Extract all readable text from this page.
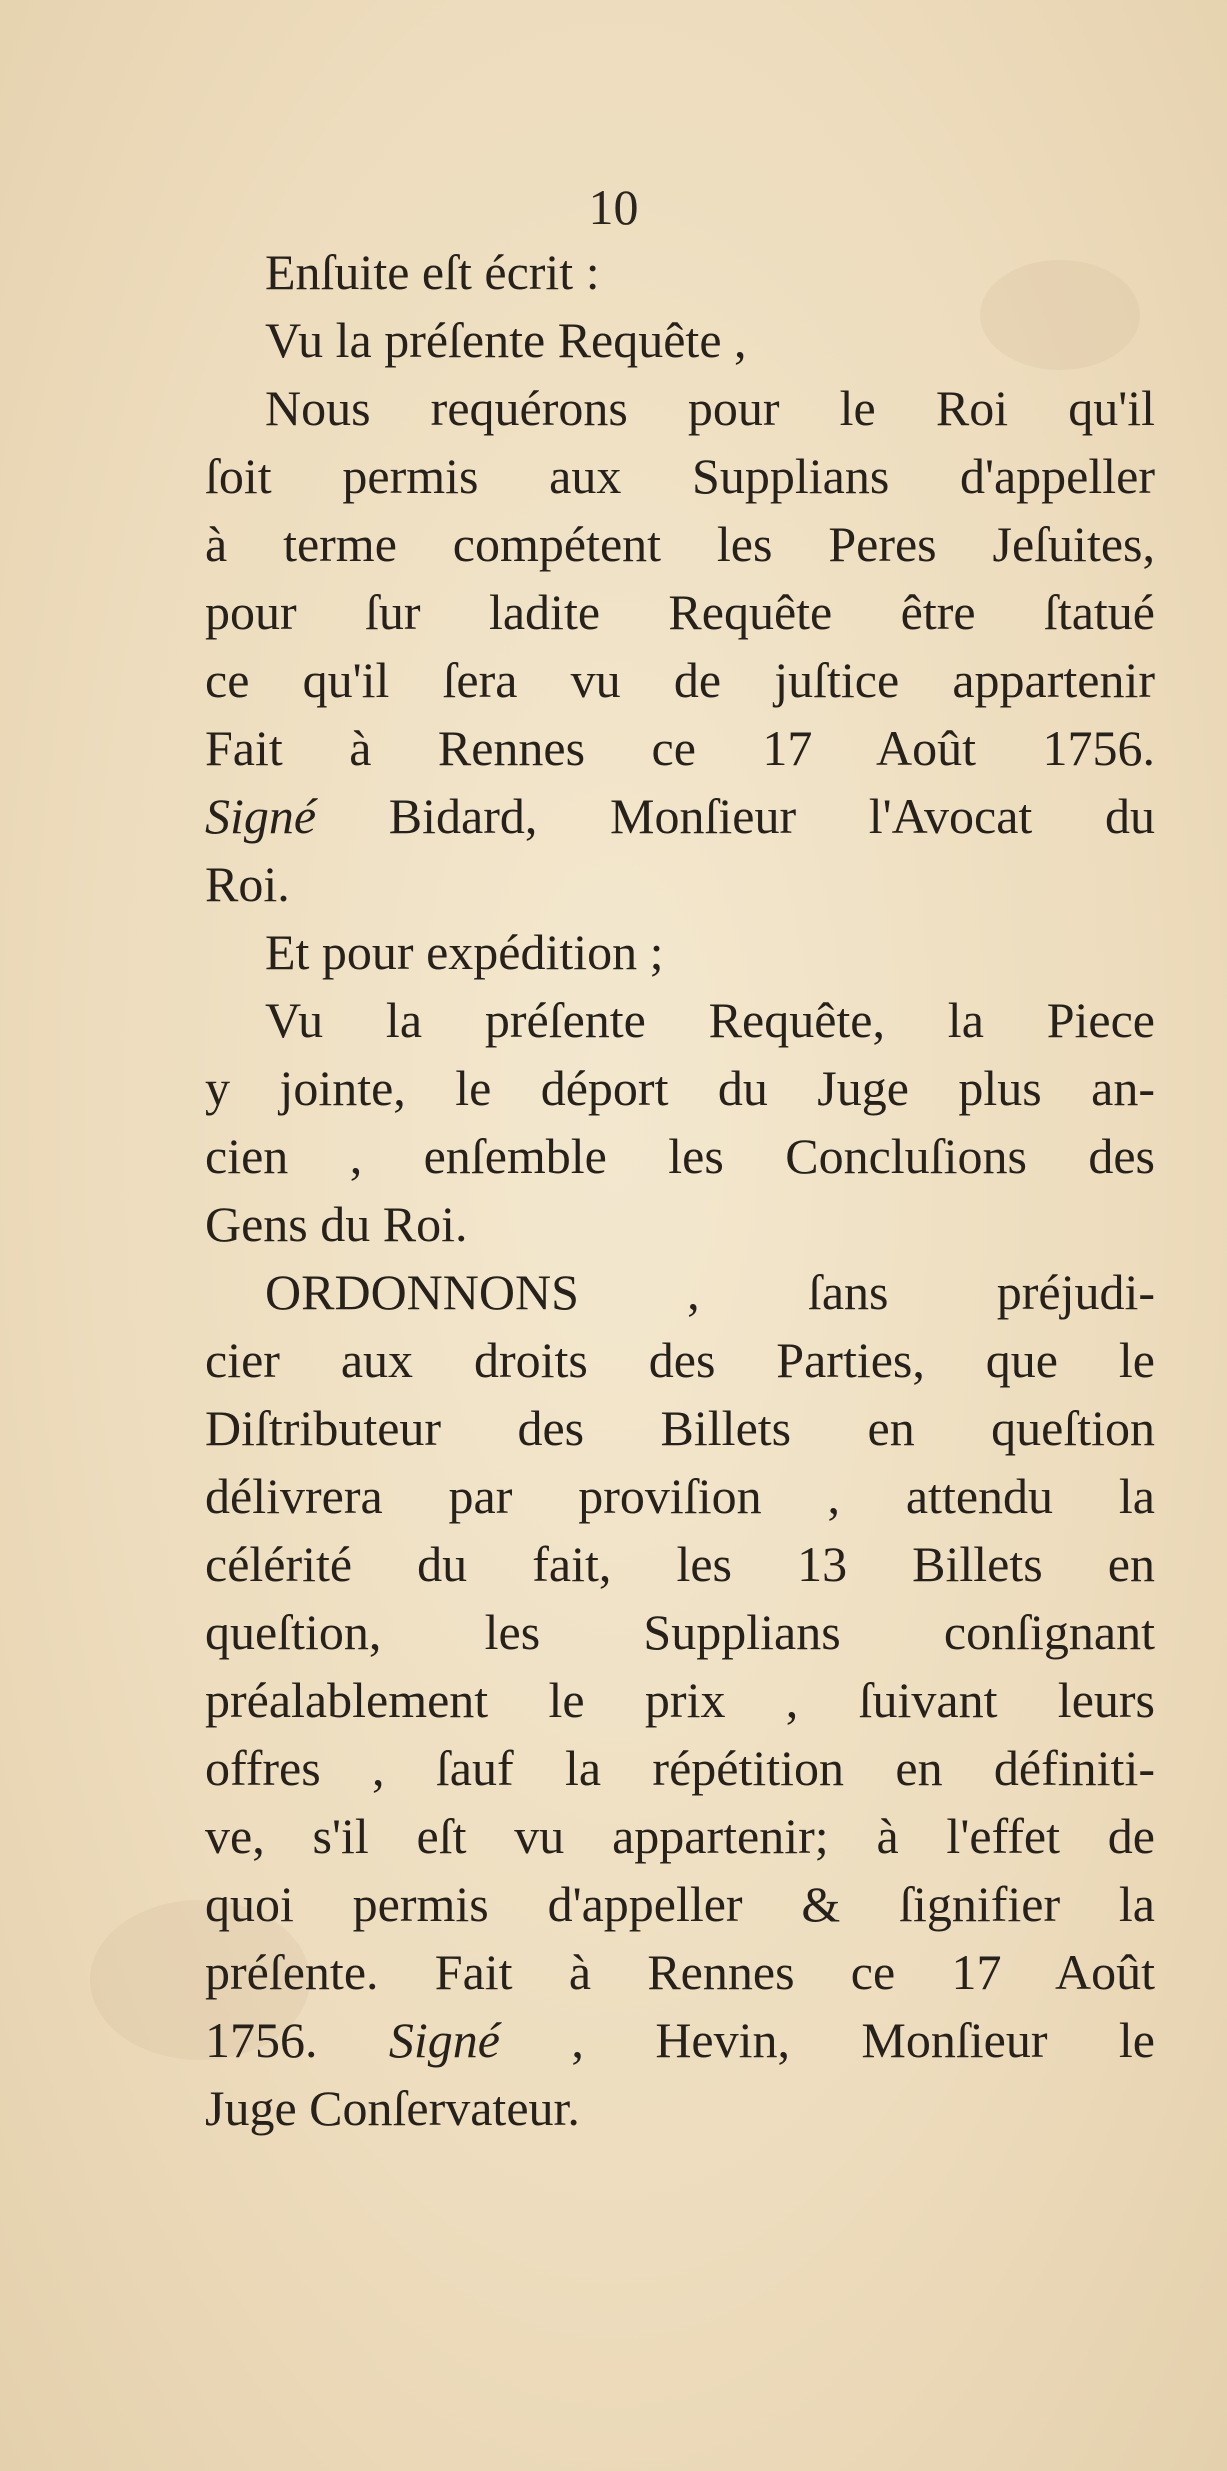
10
Enſuite eſt écrit :
Vu la préſente Requête ,
Nous requérons pour le Roi qu'il
ſoit permis aux Supplians d'appeller
à terme compétent les Peres Jeſuites,
pour ſur ladite Requête être ſtatué
ce qu'il ſera vu de juſtice appartenir
Fait à Rennes ce 17 Août 1756.
Signé Bidard, Monſieur l'Avocat du
Roi.
Et pour expédition ;
Vu la préſente Requête, la Piece
y jointe, le déport du Juge plus an-
cien , enſemble les Concluſions des
Gens du Roi.
ORDONNONS , ſans préjudi-
cier aux droits des Parties, que le
Diſtributeur des Billets en queſtion
délivrera par proviſion , attendu la
célérité du fait, les 13 Billets en
queſtion, les Supplians conſignant
préalablement le prix , ſuivant leurs
offres , ſauf la répétition en définiti-
ve, s'il eſt vu appartenir; à l'effet de
quoi permis d'appeller & ſignifier la
préſente. Fait à Rennes ce 17 Août
1756. Signé , Hevin, Monſieur le
Juge Conſervateur.
